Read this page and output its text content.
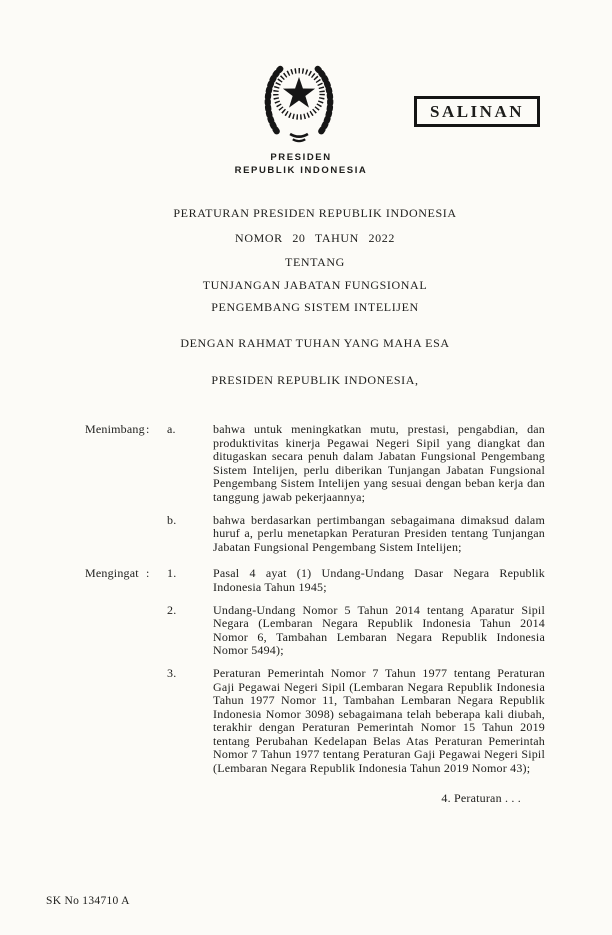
SALINAN
PRESIDEN
REPUBLIK INDONESIA
PERATURAN PRESIDEN REPUBLIK INDONESIA
NOMOR 20 TAHUN 2022
TENTANG
TUNJANGAN JABATAN FUNGSIONAL
PENGEMBANG SISTEM INTELIJEN
DENGAN RAHMAT TUHAN YANG MAHA ESA
PRESIDEN REPUBLIK INDONESIA,
Menimbang :	a.	bahwa untuk meningkatkan mutu, prestasi, pengabdian, dan produktivitas kinerja Pegawai Negeri Sipil yang diangkat dan ditugaskan secara penuh dalam Jabatan Fungsional Pengembang Sistem Intelijen, perlu diberikan Tunjangan Jabatan Fungsional Pengembang Sistem Intelijen yang sesuai dengan beban kerja dan tanggung jawab pekerjaannya;

b.	bahwa berdasarkan pertimbangan sebagaimana dimaksud dalam huruf a, perlu menetapkan Peraturan Presiden tentang Tunjangan Jabatan Fungsional Pengembang Sistem Intelijen;

Mengingat :	1.	Pasal 4 ayat (1) Undang-Undang Dasar Negara Republik Indonesia Tahun 1945;

2.	Undang-Undang Nomor 5 Tahun 2014 tentang Aparatur Sipil Negara (Lembaran Negara Republik Indonesia Tahun 2014 Nomor 6, Tambahan Lembaran Negara Republik Indonesia Nomor 5494);

3.	Peraturan Pemerintah Nomor 7 Tahun 1977 tentang Peraturan Gaji Pegawai Negeri Sipil (Lembaran Negara Republik Indonesia Tahun 1977 Nomor 11, Tambahan Lembaran Negara Republik Indonesia Nomor 3098) sebagaimana telah beberapa kali diubah, terakhir dengan Peraturan Pemerintah Nomor 15 Tahun 2019 tentang Perubahan Kedelapan Belas Atas Peraturan Pemerintah Nomor 7 Tahun 1977 tentang Peraturan Gaji Pegawai Negeri Sipil (Lembaran Negara Republik Indonesia Tahun 2019 Nomor 43);

4. Peraturan . . .
SK No 134710 A
